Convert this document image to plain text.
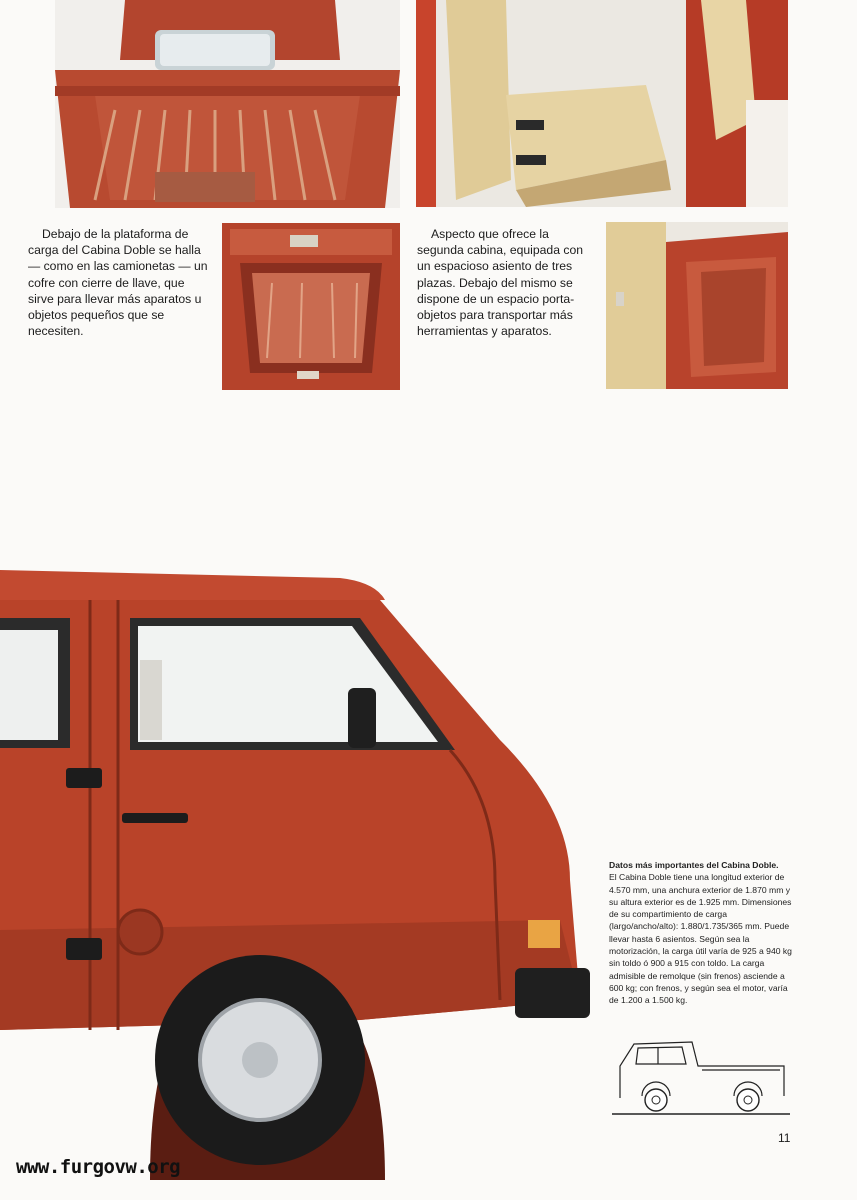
Debajo de la plataforma de carga del Cabina Doble se halla — como en las camionetas — un cofre con cierre de llave, que sirve para llevar más aparatos u objetos pequeños que se necesiten.

Aspecto que ofrece la segunda cabina, equipada con un espacioso asiento de tres plazas. Debajo del mismo se dispone de un espacio porta-objetos para transportar más herramientas y aparatos.

Datos más importantes del Cabina Doble.
El Cabina Doble tiene una longitud exterior de 4.570 mm, una anchura exterior de 1.870 mm y su altura exterior es de 1.925 mm. Dimensiones de su compartimiento de carga (largo/ancho/alto): 1.880/1.735/365 mm. Puede llevar hasta 6 asientos. Según sea la motorización, la carga útil varía de 925 a 940 kg sin toldo ó 900 a 915 con toldo. La carga admisible de remolque (sin frenos) asciende a 600 kg; con frenos, y según sea el motor, varía de 1.200 a 1.500 kg.
11
www.furgovw.org
